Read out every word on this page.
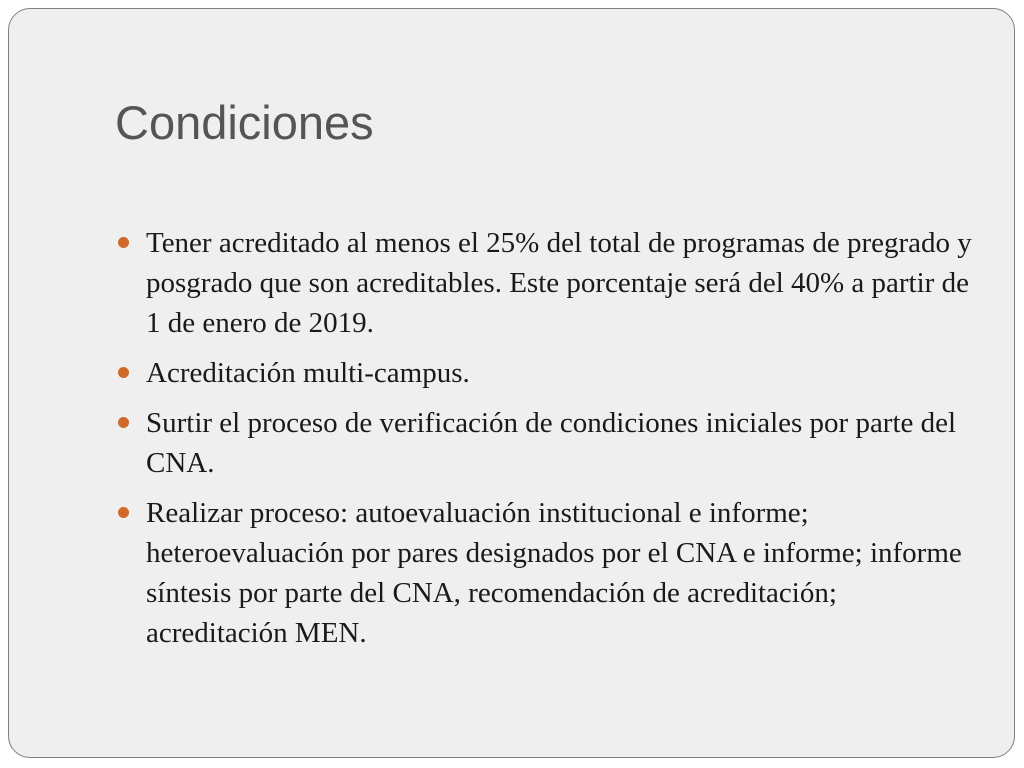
Condiciones
Tener acreditado al menos el 25% del total de programas de pregrado y posgrado que son acreditables. Este porcentaje será del 40% a partir de 1 de enero de 2019.
Acreditación multi-campus.
Surtir el proceso de verificación de condiciones iniciales por parte del CNA.
Realizar proceso: autoevaluación institucional e informe; heteroevaluación por pares designados por el CNA e informe; informe síntesis por parte del CNA, recomendación de acreditación; acreditación MEN.
